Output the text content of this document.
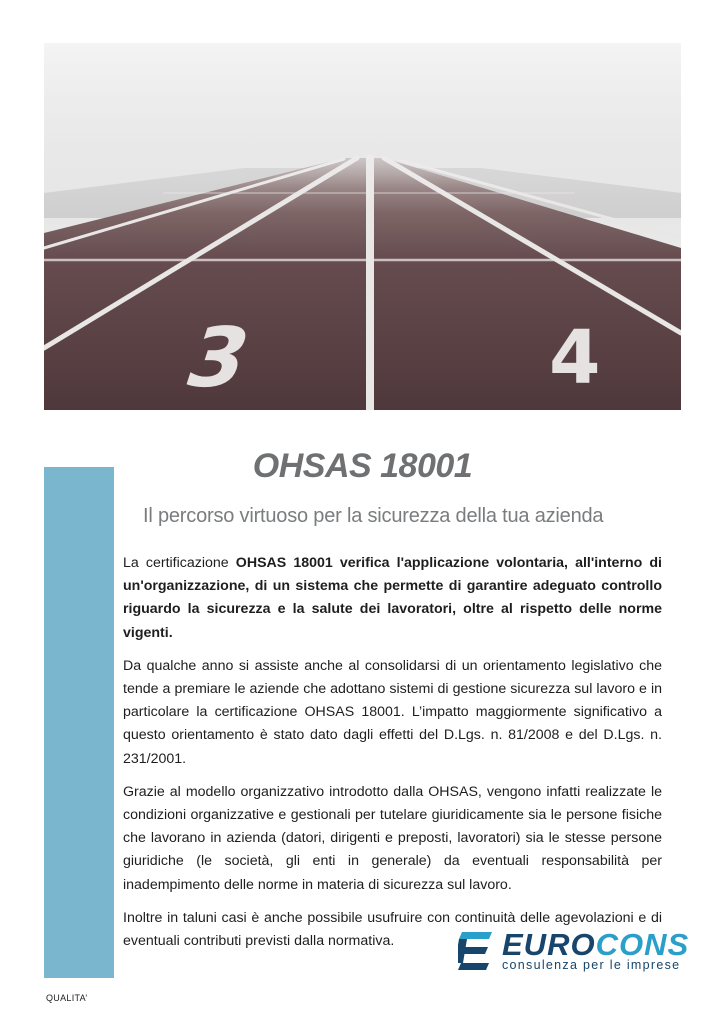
3	4
OHSAS 18001
Il percorso virtuoso per la sicurezza della tua azienda

La certificazione OHSAS 18001 verifica l'applicazione volontaria, all'interno di un'organizzazione, di un sistema che permette di garantire adeguato controllo riguardo la sicurezza e la salute dei lavoratori, oltre al rispetto delle norme vigenti.

Da qualche anno si assiste anche al consolidarsi di un orientamento legislativo che tende a premiare le aziende che adottano sistemi di gestione sicurezza sul lavoro e in particolare la certificazione OHSAS 18001. L’impatto maggiormente significativo a questo orientamento è stato dato dagli effetti del D.Lgs. n. 81/2008 e del D.Lgs. n. 231/2001.

Grazie al modello organizzativo introdotto dalla OHSAS, vengono infatti realizzate le condizioni organizzative e gestionali per tutelare giuridicamente sia le persone fisiche che lavorano in azienda (datori, dirigenti e preposti, lavoratori) sia le stesse persone giuridiche (le società, gli enti in generale) da eventuali responsabilità per inadempimento delle norme in materia di sicurezza sul lavoro.

Inoltre in taluni casi è anche possibile usufruire con continuità delle agevolazioni e di eventuali contributi previsti dalla normativa.	EUROCONS
consulenza per le imprese
QUALITA’
